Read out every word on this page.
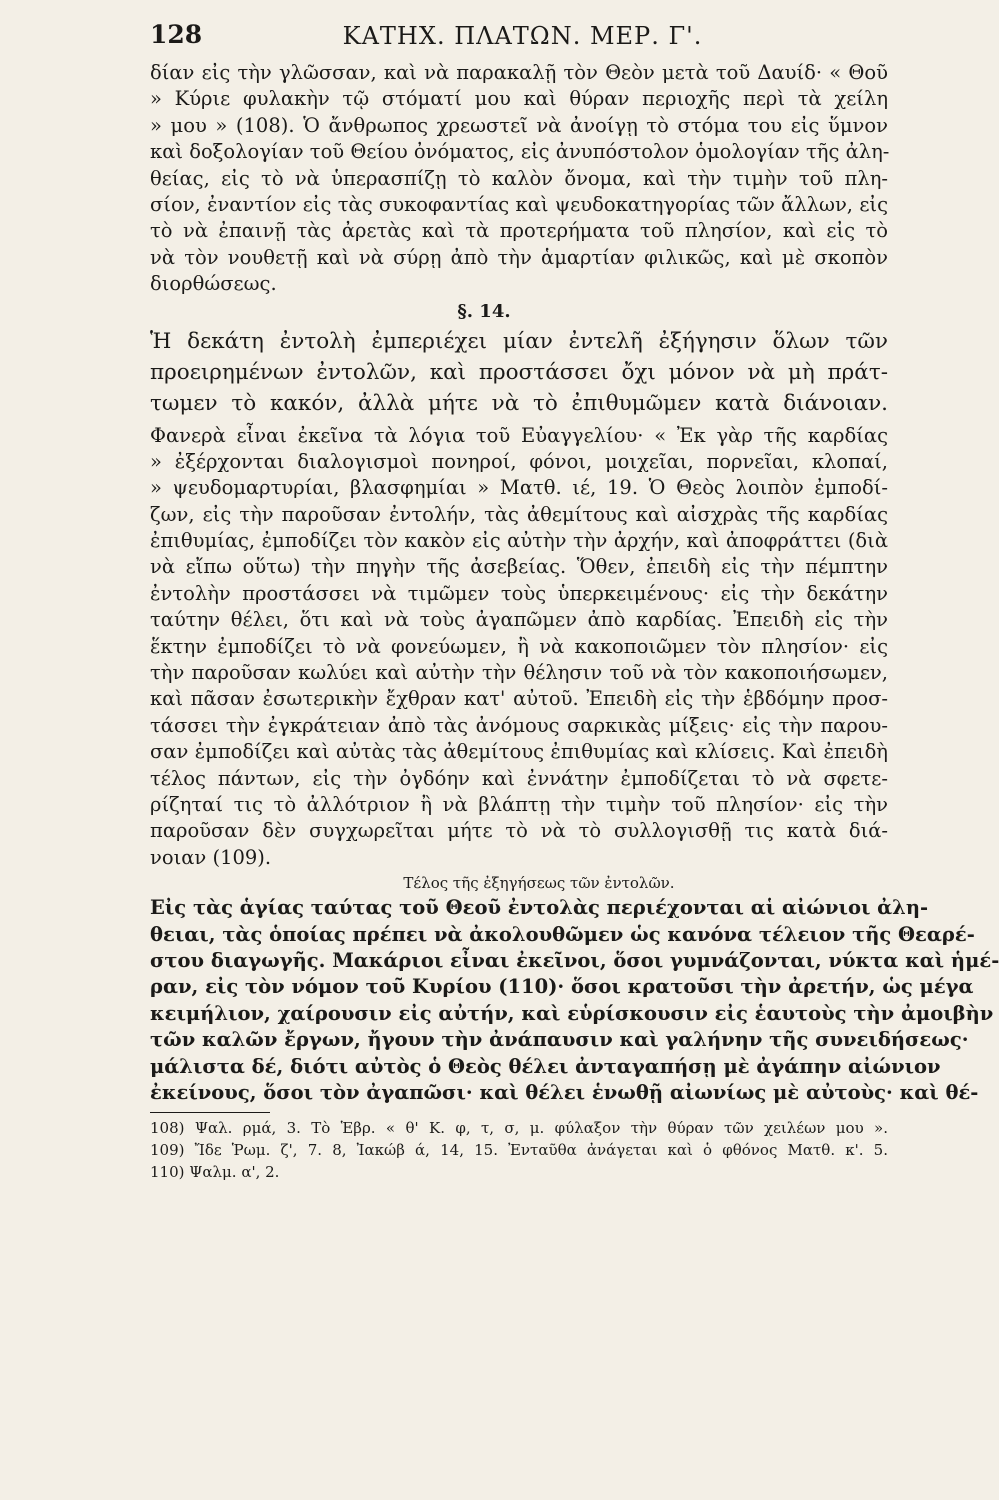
128	ΚΑΤΗΧ. ΠΛΑΤΩΝ. ΜΕΡ. Γ'.
δίαν εἰς τὴν γλῶσσαν, καὶ νὰ παρακαλῇ τὸν Θεὸν μετὰ τοῦ Δαυίδ· « Θοῦ
» Κύριε φυλακὴν τῷ στόματί μου καὶ θύραν περιοχῆς περὶ τὰ χείλη
» μου » (108). Ὁ ἄνθρωπος χρεωστεῖ νὰ ἀνοίγῃ τὸ στόμα του εἰς ὕμνον
καὶ δοξολογίαν τοῦ Θείου ὀνόματος, εἰς ἀνυπόστολον ὁμολογίαν τῆς ἀλη-
θείας, εἰς τὸ νὰ ὑπερασπίζῃ τὸ καλὸν ὄνομα, καὶ τὴν τιμὴν τοῦ πλη-
σίον, ἐναντίον εἰς τὰς συκοφαντίας καὶ ψευδοκατηγορίας τῶν ἄλλων, εἰς
τὸ νὰ ἐπαινῇ τὰς ἀρετὰς καὶ τὰ προτερήματα τοῦ πλησίον, καὶ εἰς τὸ
νὰ τὸν νουθετῇ καὶ νὰ σύρῃ ἀπὸ τὴν ἁμαρτίαν φιλικῶς, καὶ μὲ σκοπὸν
διορθώσεως.
§. 14.
Ἡ δεκάτη ἐντολὴ ἐμπεριέχει μίαν ἐντελῆ ἐξήγησιν ὅλων τῶν
προειρημένων ἐντολῶν, καὶ προστάσσει ὄχι μόνον νὰ μὴ πράτ-
τωμεν τὸ κακόν, ἀλλὰ μήτε νὰ τὸ ἐπιθυμῶμεν κατὰ διάνοιαν.
Φανερὰ εἶναι ἐκεῖνα τὰ λόγια τοῦ Εὐαγγελίου· « Ἐκ γὰρ τῆς καρδίας
» ἐξέρχονται διαλογισμοὶ πονηροί, φόνοι, μοιχεῖαι, πορνεῖαι, κλοπαί,
» ψευδομαρτυρίαι, βλασφημίαι » Ματθ. ιέ, 19. Ὁ Θεὸς λοιπὸν ἐμποδί-
ζων, εἰς τὴν παροῦσαν ἐντολήν, τὰς ἀθεμίτους καὶ αἰσχρὰς τῆς καρδίας
ἐπιθυμίας, ἐμποδίζει τὸν κακὸν εἰς αὐτὴν τὴν ἀρχήν, καὶ ἀποφράττει (διὰ
νὰ εἴπω οὕτω) τὴν πηγὴν τῆς ἀσεβείας. Ὅθεν, ἐπειδὴ εἰς τὴν πέμπτην
ἐντολὴν προστάσσει νὰ τιμῶμεν τοὺς ὑπερκειμένους· εἰς τὴν δεκάτην
ταύτην θέλει, ὅτι καὶ νὰ τοὺς ἀγαπῶμεν ἀπὸ καρδίας. Ἐπειδὴ εἰς τὴν
ἕκτην ἐμποδίζει τὸ νὰ φονεύωμεν, ἢ νὰ κακοποιῶμεν τὸν πλησίον· εἰς
τὴν παροῦσαν κωλύει καὶ αὐτὴν τὴν θέλησιν τοῦ νὰ τὸν κακοποιήσωμεν,
καὶ πᾶσαν ἐσωτερικὴν ἔχθραν κατ' αὐτοῦ. Ἐπειδὴ εἰς τὴν ἑβδόμην προσ-
τάσσει τὴν ἐγκράτειαν ἀπὸ τὰς ἀνόμους σαρκικὰς μίξεις· εἰς τὴν παρου-
σαν ἐμποδίζει καὶ αὐτὰς τὰς ἀθεμίτους ἐπιθυμίας καὶ κλίσεις. Καὶ ἐπειδὴ
τέλος πάντων, εἰς τὴν ὀγδόην καὶ ἐννάτην ἐμποδίζεται τὸ νὰ σφετε-
ρίζηταί τις τὸ ἀλλότριον ἢ νὰ βλάπτῃ τὴν τιμὴν τοῦ πλησίον· εἰς τὴν
παροῦσαν δὲν συγχωρεῖται μήτε τὸ νὰ τὸ συλλογισθῇ τις κατὰ διά-
νοιαν (109).
Τέλος τῆς ἐξηγήσεως τῶν ἐντολῶν.
Εἰς τὰς ἁγίας ταύτας τοῦ Θεοῦ ἐντολὰς περιέχονται αἱ αἰώνιοι ἀλη-
θειαι, τὰς ὁποίας πρέπει νὰ ἀκολουθῶμεν ὡς κανόνα τέλειον τῆς Θεαρέ-
στου διαγωγῆς. Μακάριοι εἶναι ἐκεῖνοι, ὅσοι γυμνάζονται, νύκτα καὶ ἡμέ-
ραν, εἰς τὸν νόμον τοῦ Κυρίου (110)· ὅσοι κρατοῦσι τὴν ἀρετήν, ὡς μέγα
κειμήλιον, χαίρουσιν εἰς αὐτήν, καὶ εὑρίσκουσιν εἰς ἑαυτοὺς τὴν ἀμοιβὴν
τῶν καλῶν ἔργων, ἤγουν τὴν ἀνάπαυσιν καὶ γαλήνην τῆς συνειδήσεως·
μάλιστα δέ, διότι αὐτὸς ὁ Θεὸς θέλει ἀνταγαπήσῃ μὲ ἀγάπην αἰώνιον
ἐκείνους, ὅσοι τὸν ἀγαπῶσι· καὶ θέλει ἑνωθῇ αἰωνίως μὲ αὐτοὺς· καὶ θέ-
108) Ψαλ. ρμά, 3. Τὸ Ἑβρ. « θ' Κ. φ, τ, σ, μ. φύλαξον τὴν θύραν τῶν χειλέων μου ».
109) Ἴδε Ῥωμ. ζ', 7. 8, Ἰακώβ ά, 14, 15. Ἐνταῦθα ἀνάγεται καὶ ὁ φθόνος Ματθ. κ'. 5.
110) Ψαλμ. α', 2.
